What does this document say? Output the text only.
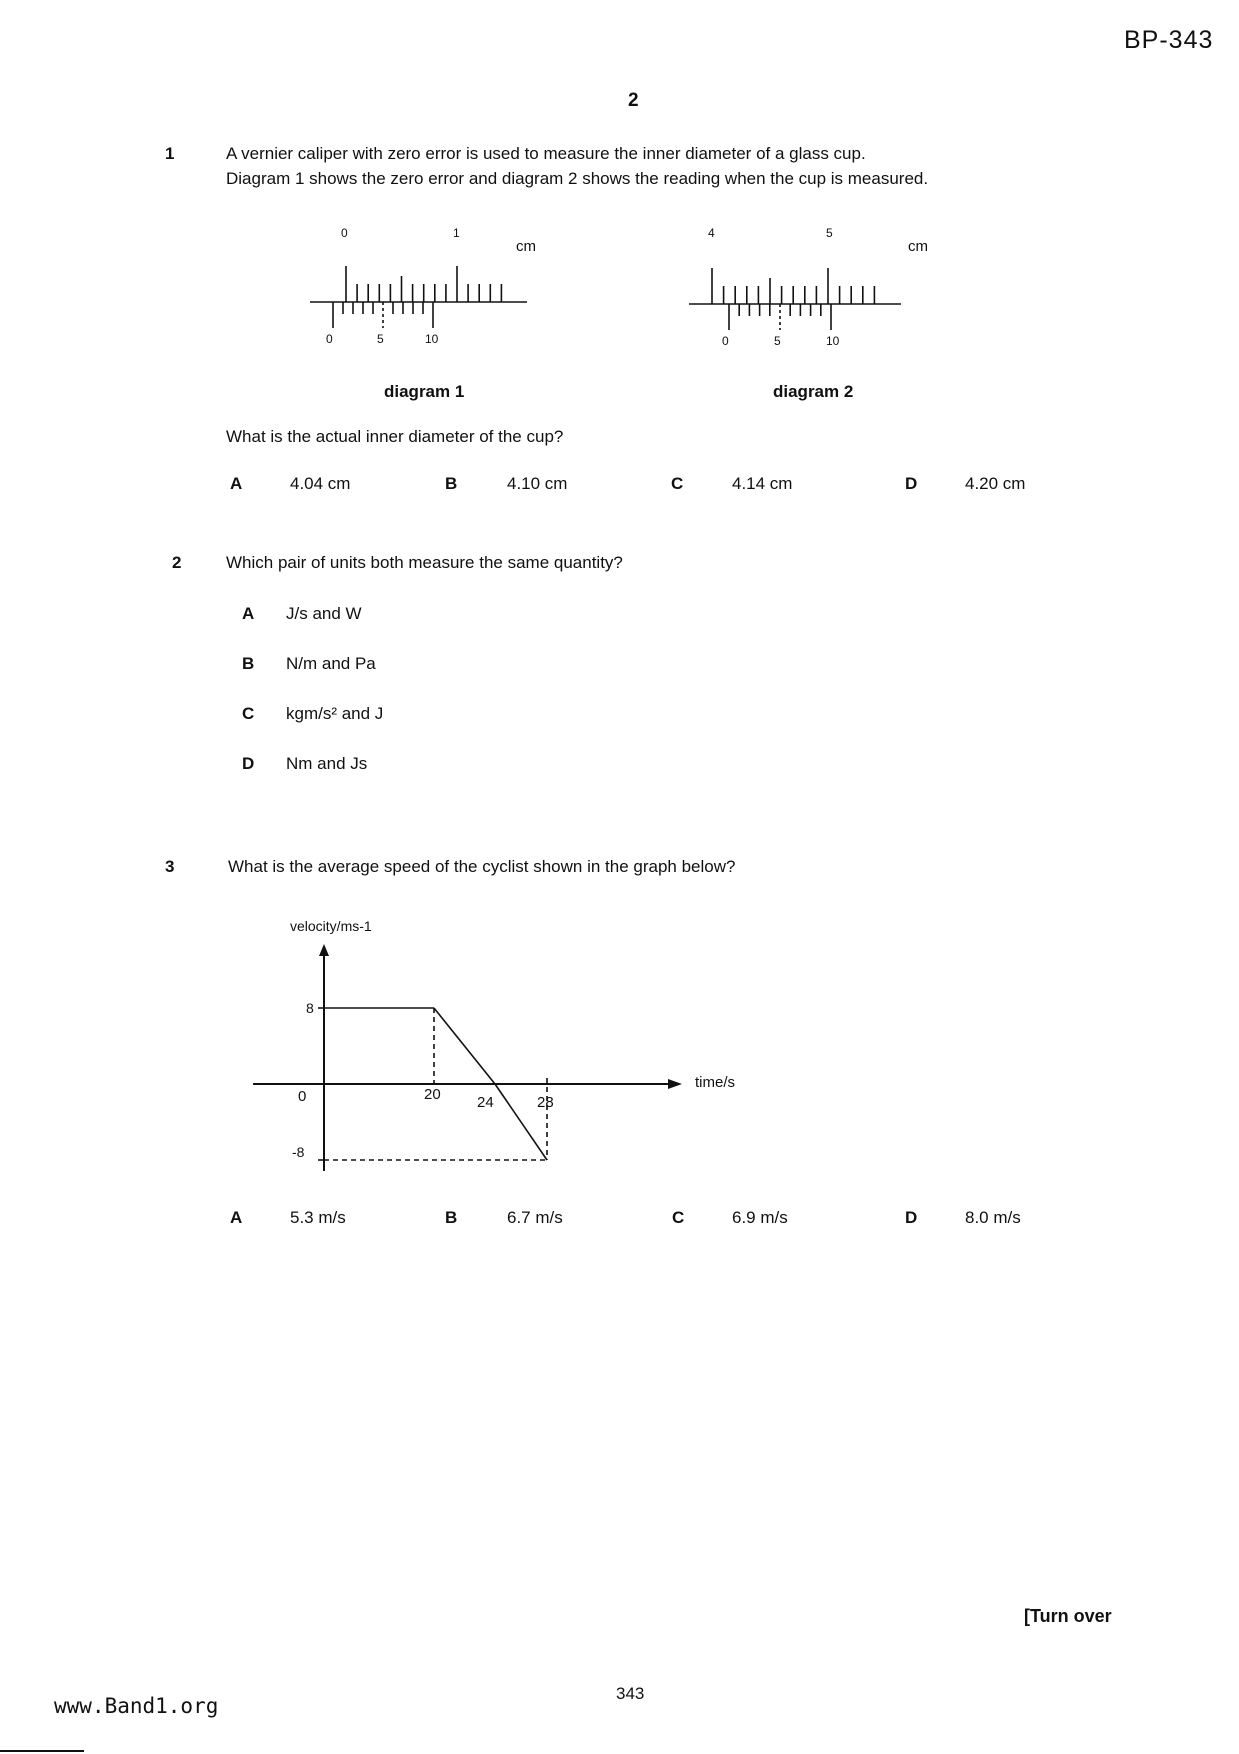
BP-343
2
1	A vernier caliper with zero error is used to measure the inner diameter of a glass cup.
Diagram 1 shows the zero error and diagram 2 shows the reading when the cup is measured.
0	1
cm
0	5	10
diagram 1
4	5
cm
0	5	10
diagram 2
What is the actual inner diameter of the cup?
A	4.04 cm	B	4.10 cm	C	4.14 cm	D	4.20 cm
2	Which pair of units both measure the same quantity?
A J/s and W
B N/m and Pa
C kgm/s² and J
D Nm and Js
3	What is the average speed of the cyclist shown in the graph below?
velocity/ms-1
time/s
0	20 24	28
8
-8
A	5.3 m/s	B	6.7 m/s	C	6.9 m/s	D	8.0 m/s
[Turn over
343
www.Band1.org
